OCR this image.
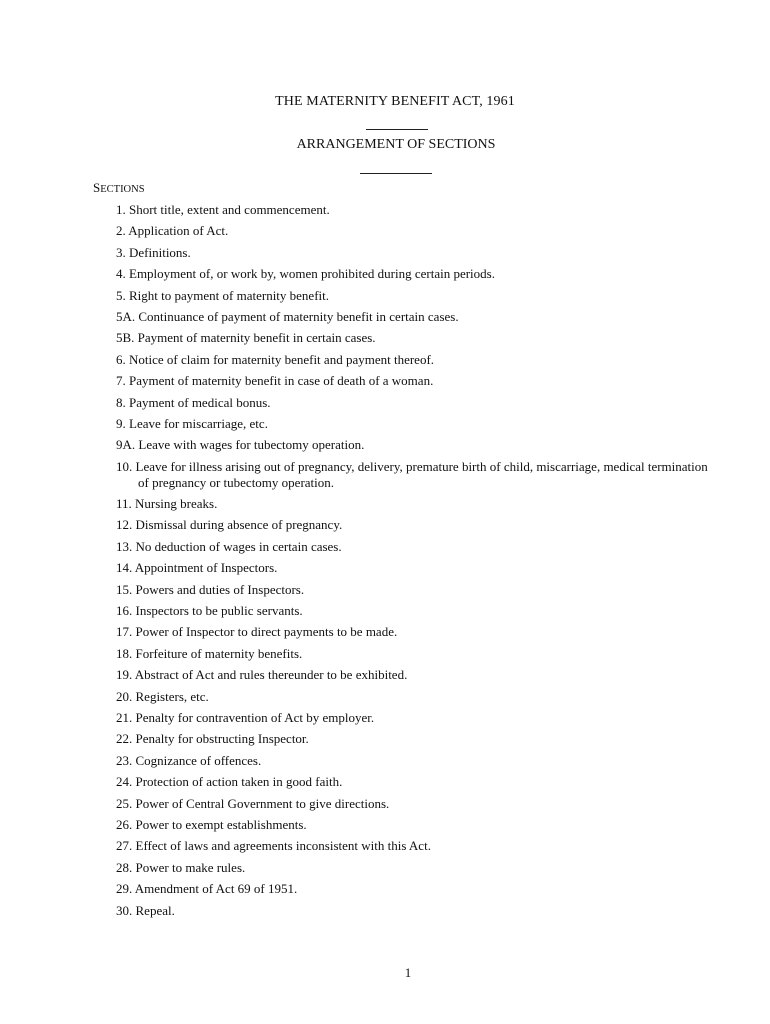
THE MATERNITY BENEFIT ACT, 1961
ARRANGEMENT OF SECTIONS
SECTIONS
1. Short title, extent and commencement.
2. Application of Act.
3. Definitions.
4. Employment of, or work by, women prohibited during certain periods.
5. Right to payment of maternity benefit.
5A. Continuance of payment of maternity benefit in certain cases.
5B. Payment of maternity benefit in certain cases.
6. Notice of claim for maternity benefit and payment thereof.
7. Payment of maternity benefit in case of death of a woman.
8. Payment of medical bonus.
9. Leave for miscarriage, etc.
9A. Leave with wages for tubectomy operation.
10. Leave for illness arising out of pregnancy, delivery, premature birth of child, miscarriage, medical termination of pregnancy or tubectomy operation.
11. Nursing breaks.
12. Dismissal during absence of pregnancy.
13. No deduction of wages in certain cases.
14. Appointment of Inspectors.
15. Powers and duties of Inspectors.
16. Inspectors to be public servants.
17. Power of Inspector to direct payments to be made.
18. Forfeiture of maternity benefits.
19. Abstract of Act and rules thereunder to be exhibited.
20. Registers, etc.
21. Penalty for contravention of Act by employer.
22. Penalty for obstructing Inspector.
23. Cognizance of offences.
24. Protection of action taken in good faith.
25. Power of Central Government to give directions.
26. Power to exempt establishments.
27. Effect of laws and agreements inconsistent with this Act.
28. Power to make rules.
29. Amendment of Act 69 of 1951.
30. Repeal.
1
